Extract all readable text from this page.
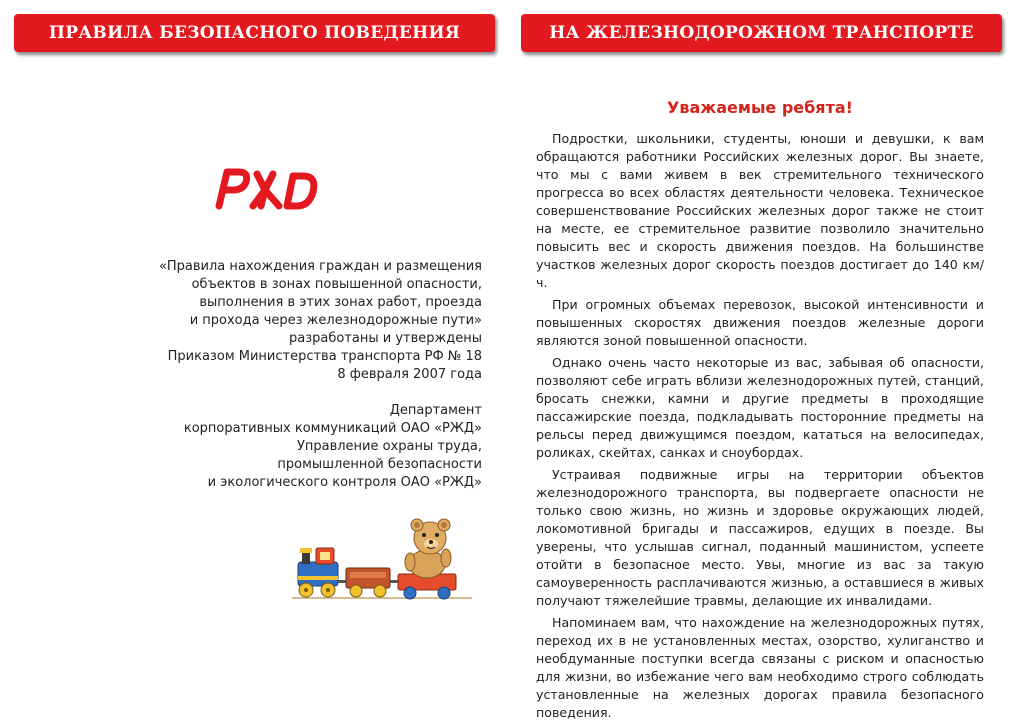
ПРАВИЛА БЕЗОПАСНОГО ПОВЕДЕНИЯ	НА ЖЕЛЕЗНОДОРОЖНОМ ТРАНСПОРТЕ
«Правила нахождения граждан и размещения
объектов в зонах повышенной опасности,
выполнения в этих зонах работ, проезда
и прохода через железнодорожные пути»
разработаны и утверждены
Приказом Министерства транспорта РФ № 18
8 февраля 2007 года
Департамент
корпоративных коммуникаций ОАО «РЖД»
Управление охраны труда,
промышленной безопасности
и экологического контроля ОАО «РЖД»
Уважаемые ребята!

Подростки, школьники, студенты, юноши и девушки, к вам обращаются работники Российских железных дорог. Вы знаете, что мы с вами живем в век стремительного технического прогресса во всех областях деятельности человека. Техническое совершенствование Российских железных дорог также не стоит на месте, ее стремительное развитие позволило значительно повысить вес и скорость движения поездов. На большинстве участков железных дорог скорость поездов достигает до 140 км/ч.

При огромных объемах перевозок, высокой интенсивности и повышенных скоростях движения поездов железные дороги являются зоной повышенной опасности.

Однако очень часто некоторые из вас, забывая об опасности, позволяют себе играть вблизи железнодорожных путей, станций, бросать снежки, камни и другие предметы в проходящие пассажирские поезда, подкладывать посторонние предметы на рельсы перед движущимся поездом, кататься на велосипедах, роликах, скейтах, санках и сноубордах.

Устраивая подвижные игры на территории объектов железнодорожного транспорта, вы подвергаете опасности не только свою жизнь, но жизнь и здоровье окружающих людей, локомотивной бригады и пассажиров, едущих в поезде. Вы уверены, что услышав сигнал, поданный машинистом, успеете отойти в безопасное место. Увы, многие из вас за такую самоуверенность расплачиваются жизнью, а оставшиеся в живых получают тяжелейшие травмы, делающие их инвалидами.

Напоминаем вам, что нахождение на железнодорожных путях, переход их в не установленных местах, озорство, хулиганство и необдуманные поступки всегда связаны с риском и опасностью для жизни, во избежание чего вам необходимо строго соблюдать установленные на железных дорогах правила безопасного поведения.
